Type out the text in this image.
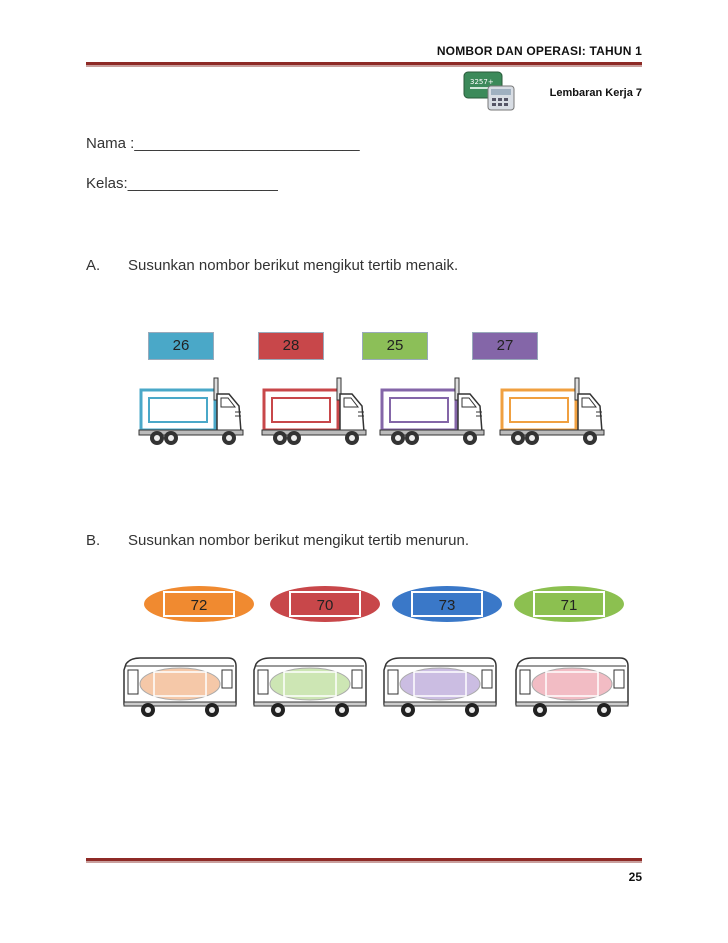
NOMBOR DAN OPERASI: TAHUN 1
3257+
Lembaran Kerja 7
Nama :___________________________
Kelas:__________________
A. Susunkan nombor berikut mengikut tertib menaik.
26	28	25	27
B. Susunkan nombor berikut mengikut tertib menurun.
72	70	73	71
25
